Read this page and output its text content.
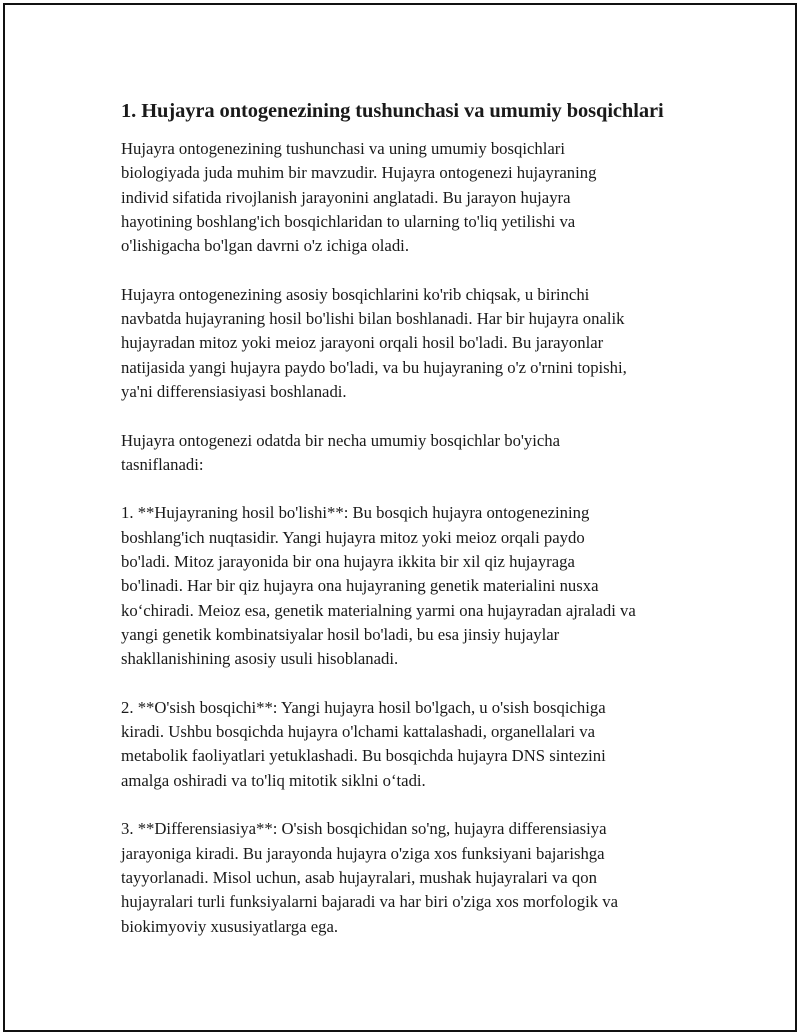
1. Hujayra ontogenezining tushunchasi va umumiy bosqichlari

Hujayra ontogenezining tushunchasi va uning umumiy bosqichlari
biologiyada juda muhim bir mavzudir. Hujayra ontogenezi hujayraning
individ sifatida rivojlanish jarayonini anglatadi. Bu jarayon hujayra
hayotining boshlang'ich bosqichlaridan to ularning to'liq yetilishi va
o'lishigacha bo'lgan davrni o'z ichiga oladi.

Hujayra ontogenezining asosiy bosqichlarini ko'rib chiqsak, u birinchi
navbatda hujayraning hosil bo'lishi bilan boshlanadi. Har bir hujayra onalik
hujayradan mitoz yoki meioz jarayoni orqali hosil bo'ladi. Bu jarayonlar
natijasida yangi hujayra paydo bo'ladi, va bu hujayraning o'z o'rnini topishi,
ya'ni differensiasiyasi boshlanadi.

Hujayra ontogenezi odatda bir necha umumiy bosqichlar bo'yicha
tasniflanadi:

1. **Hujayraning hosil bo'lishi**: Bu bosqich hujayra ontogenezining
boshlang'ich nuqtasidir. Yangi hujayra mitoz yoki meioz orqali paydo
bo'ladi. Mitoz jarayonida bir ona hujayra ikkita bir xil qiz hujayraga
bo'linadi. Har bir qiz hujayra ona hujayraning genetik materialini nusxa
ko‘chiradi. Meioz esa, genetik materialning yarmi ona hujayradan ajraladi va
yangi genetik kombinatsiyalar hosil bo'ladi, bu esa jinsiy hujaylar
shakllanishining asosiy usuli hisoblanadi.

2. **O'sish bosqichi**: Yangi hujayra hosil bo'lgach, u o'sish bosqichiga
kiradi. Ushbu bosqichda hujayra o'lchami kattalashadi, organellalari va
metabolik faoliyatlari yetuklashadi. Bu bosqichda hujayra DNS sintezini
amalga oshiradi va to'liq mitotik siklni o‘tadi.

3. **Differensiasiya**: O'sish bosqichidan so'ng, hujayra differensiasiya
jarayoniga kiradi. Bu jarayonda hujayra o'ziga xos funksiyani bajarishga
tayyorlanadi. Misol uchun, asab hujayralari, mushak hujayralari va qon
hujayralari turli funksiyalarni bajaradi va har biri o'ziga xos morfologik va
biokimyoviy xususiyatlarga ega.
